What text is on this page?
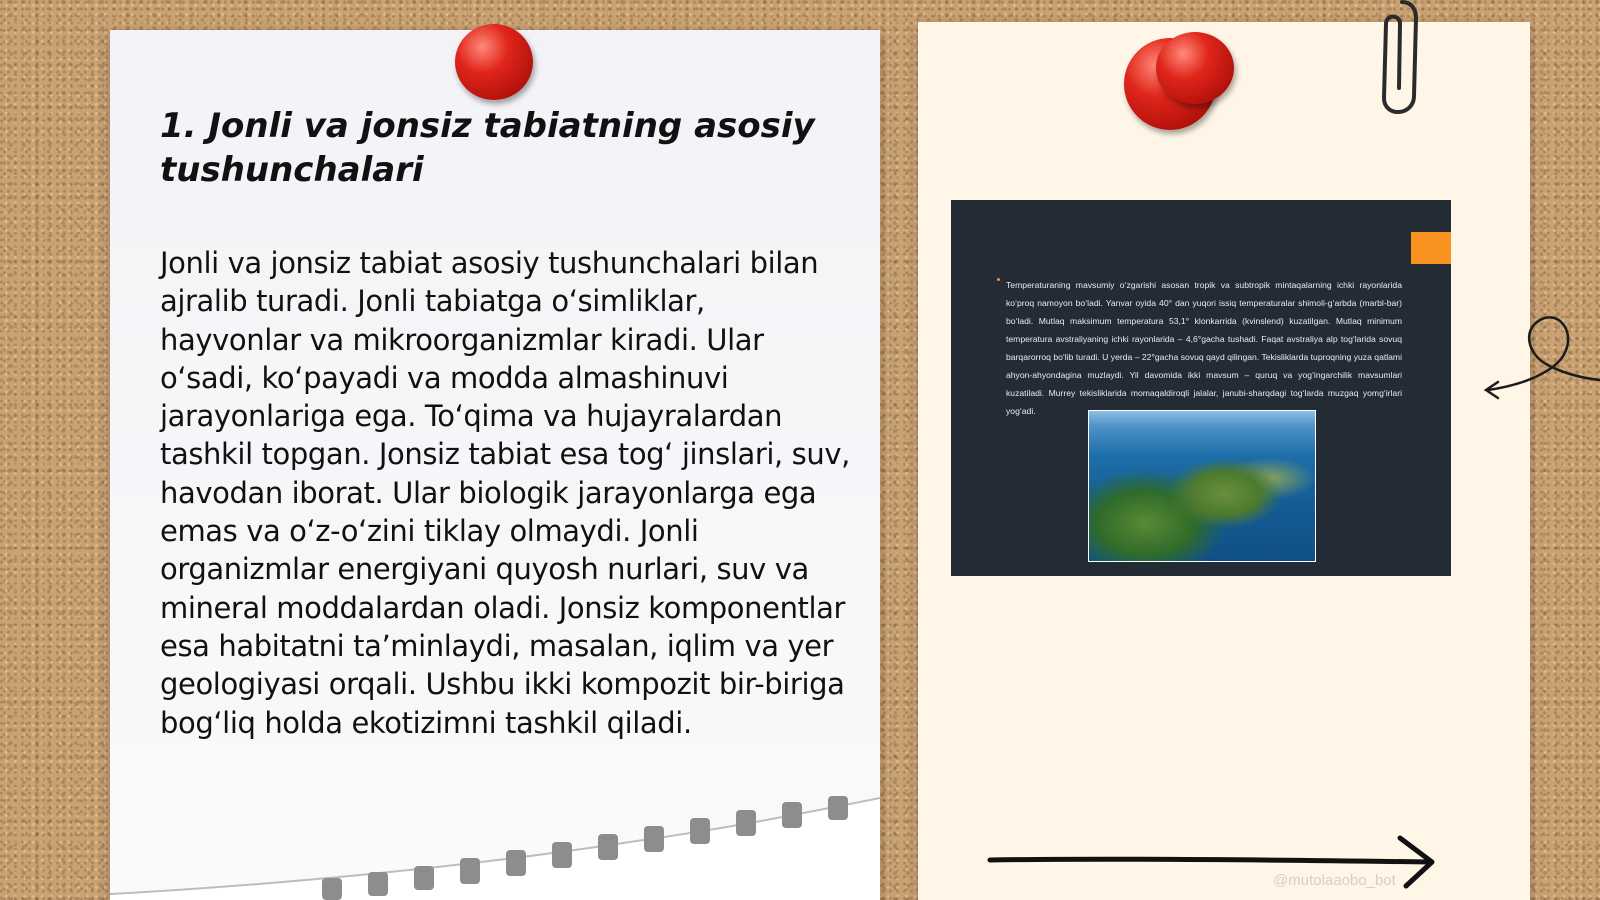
1. Jonli va jonsiz tabiatning asosiy tushunchalari

Jonli va jonsiz tabiat asosiy tushunchalari bilan ajralib turadi. Jonli tabiatga o‘simliklar, hayvonlar va mikroorganizmlar kiradi. Ular o‘sadi, ko‘payadi va modda almashinuvi jarayonlariga ega. To‘qima va hujayralardan tashkil topgan. Jonsiz tabiat esa tog‘ jinslari, suv, havodan iborat. Ular biologik jarayonlarga ega emas va o‘z-o‘zini tiklay olmaydi. Jonli organizmlar energiyani quyosh nurlari, suv va mineral moddalardan oladi. Jonsiz komponentlar esa habitatni ta’minlaydi, masalan, iqlim va yer geologiyasi orqali. Ushbu ikki kompozit bir-biriga bog‘liq holda ekotizimni tashkil qiladi.

Temperaturaning mavsumiy o‘zgarishi asosan tropik va subtropik mintaqalarning ichki rayonlarida ko‘proq namoyon bo‘ladi. Yanvar oyida 40° dan yuqori issiq temperaturalar shimoli-g‘arbda (marbl-bar) bo‘ladi. Mutlaq maksimum temperatura 53,1° klonkarrida (kvinslend) kuzatilgan. Mutlaq minimum temperatura avstraliyaning ichki rayonlarida – 4,6°gacha tushadi. Faqat avstraliya alp tog‘larida sovuq barqarorroq bo‘lib turadi. U yerda – 22°gacha sovuq qayd qilingan. Tekisliklarda tuproqning yuza qatlami ahyon-ahyondagina muzlaydi. Yil davomida ikki mavsum – quruq va yog‘ingarchilik mavsumlari kuzatiladi. Murrey tekisliklarida momaqaldiroqli jalalar, janubi-sharqdagi tog‘larda muzgaq yomg‘irlari yog‘adi.

@mutolaaobo_bot
